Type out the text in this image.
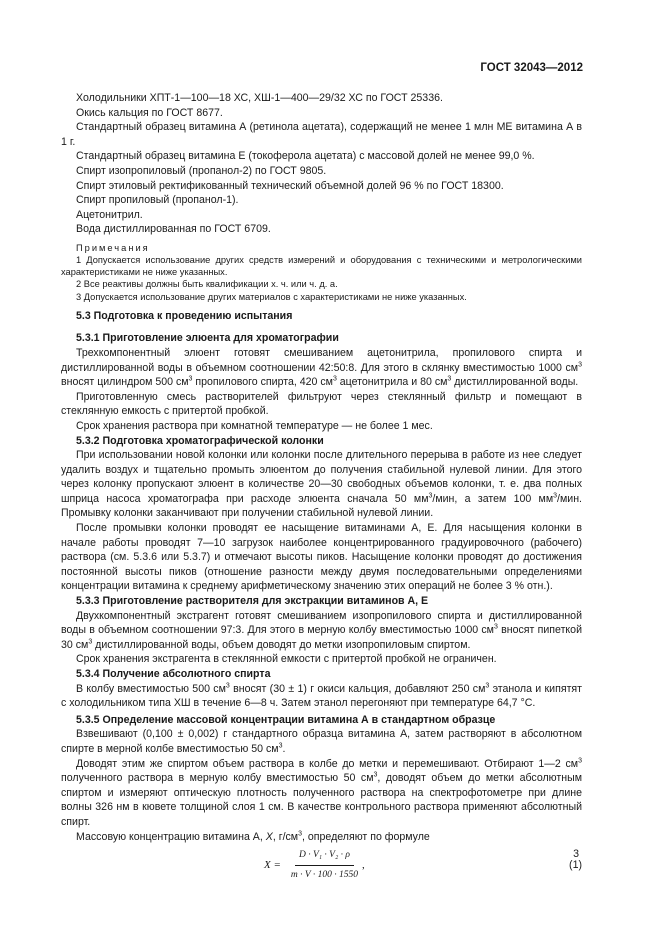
ГОСТ 32043—2012

Холодильники ХПТ-1—100—18 ХС, ХШ-1—400—29/32 ХС по ГОСТ 25336.

Окись кальция по ГОСТ 8677.

Стандартный образец витамина А (ретинола ацетата), содержащий не менее 1 млн МЕ витамина А в 1 г.

Стандартный образец витамина Е (токоферола ацетата) с массовой долей не менее 99,0 %.

Спирт изопропиловый (пропанол-2) по ГОСТ 9805.

Спирт этиловый ректификованный технический объемной долей 96 % по ГОСТ 18300.

Спирт пропиловый (пропанол-1).

Ацетонитрил.

Вода дистиллированная по ГОСТ 6709.

Примечания

1 Допускается использование других средств измерений и оборудования с техническими и метрологическими характеристиками не ниже указанных.

2 Все реактивы должны быть квалификации х. ч. или ч. д. а.

3 Допускается использование других материалов с характеристиками не ниже указанных.

5.3 Подготовка к проведению испытания

5.3.1 Приготовление элюента для хроматографии

Трехкомпонентный элюент готовят смешиванием ацетонитрила, пропилового спирта и дистиллированной воды в объемном соотношении 42:50:8. Для этого в склянку вместимостью 1000 $см^3$ вносят цилиндром 500 $см^3$ пропилового спирта, 420 $см^3$ ацетонитрила и 80 $см^3$ дистиллированной воды.

Приготовленную смесь растворителей фильтруют через стеклянный фильтр и помещают в стеклянную емкость с притертой пробкой.

Срок хранения раствора при комнатной температуре — не более 1 мес.

5.3.2 Подготовка хроматографической колонки

При использовании новой колонки или колонки после длительного перерыва в работе из нее следует удалить воздух и тщательно промыть элюентом до получения стабильной нулевой линии. Для этого через колонку пропускают элюент в количестве 20—30 свободных объемов колонки, т. е. два полных шприца насоса хроматографа при расходе элюента сначала 50 $мм^3$/мин, а затем 100 $мм^3$/мин. Промывку колонки заканчивают при получении стабильной нулевой линии.

После промывки колонки проводят ее насыщение витаминами А, Е. Для насыщения колонки в начале работы проводят 7—10 загрузок наиболее концентрированного градуировочного (рабочего) раствора (см. 5.3.6 или 5.3.7) и отмечают высоты пиков. Насыщение колонки проводят до достижения постоянной высоты пиков (отношение разности между двумя последовательными определениями концентрации витамина к среднему арифметическому значению этих операций не более 3 % отн.).

5.3.3 Приготовление растворителя для экстракции витаминов А, Е

Двухкомпонентный экстрагент готовят смешиванием изопропилового спирта и дистиллированной воды в объемном соотношении 97:3. Для этого в мерную колбу вместимостью 1000 $см^3$ вносят пипеткой 30 $см^3$ дистиллированной воды, объем доводят до метки изопропиловым спиртом.

Срок хранения экстрагента в стеклянной емкости с притертой пробкой не ограничен.

5.3.4 Получение абсолютного спирта

В колбу вместимостью 500 $см^3$ вносят (30 ± 1) г окиси кальция, добавляют 250 $см^3$ этанола и кипятят с холодильником типа ХШ в течение 6—8 ч. Затем этанол перегоняют при температуре 64,7 °С.

5.3.5 Определение массовой концентрации витамина А в стандартном образце

Взвешивают (0,100 ± 0,002) г стандартного образца витамина А, затем растворяют в абсолютном спирте в мерной колбе вместимостью 50 $см^3$.

Доводят этим же спиртом объем раствора в колбе до метки и перемешивают. Отбирают 1—2 $см^3$ полученного раствора в мерную колбу вместимостью 50 $см^3$, доводят объем до метки абсолютным спиртом и измеряют оптическую плотность полученного раствора на спектрофотометре при длине волны 326 нм в кювете толщиной слоя 1 см. В качестве контрольного раствора применяют абсолютный спирт.

Массовую концентрацию витамина А, X, $г/см^3$, определяют по формуле

$X = \frac{\text{D · V₁ · V₂ · ρ}}{m \cdot V \cdot 100 \cdot 1550}$ ,	(1)
3
